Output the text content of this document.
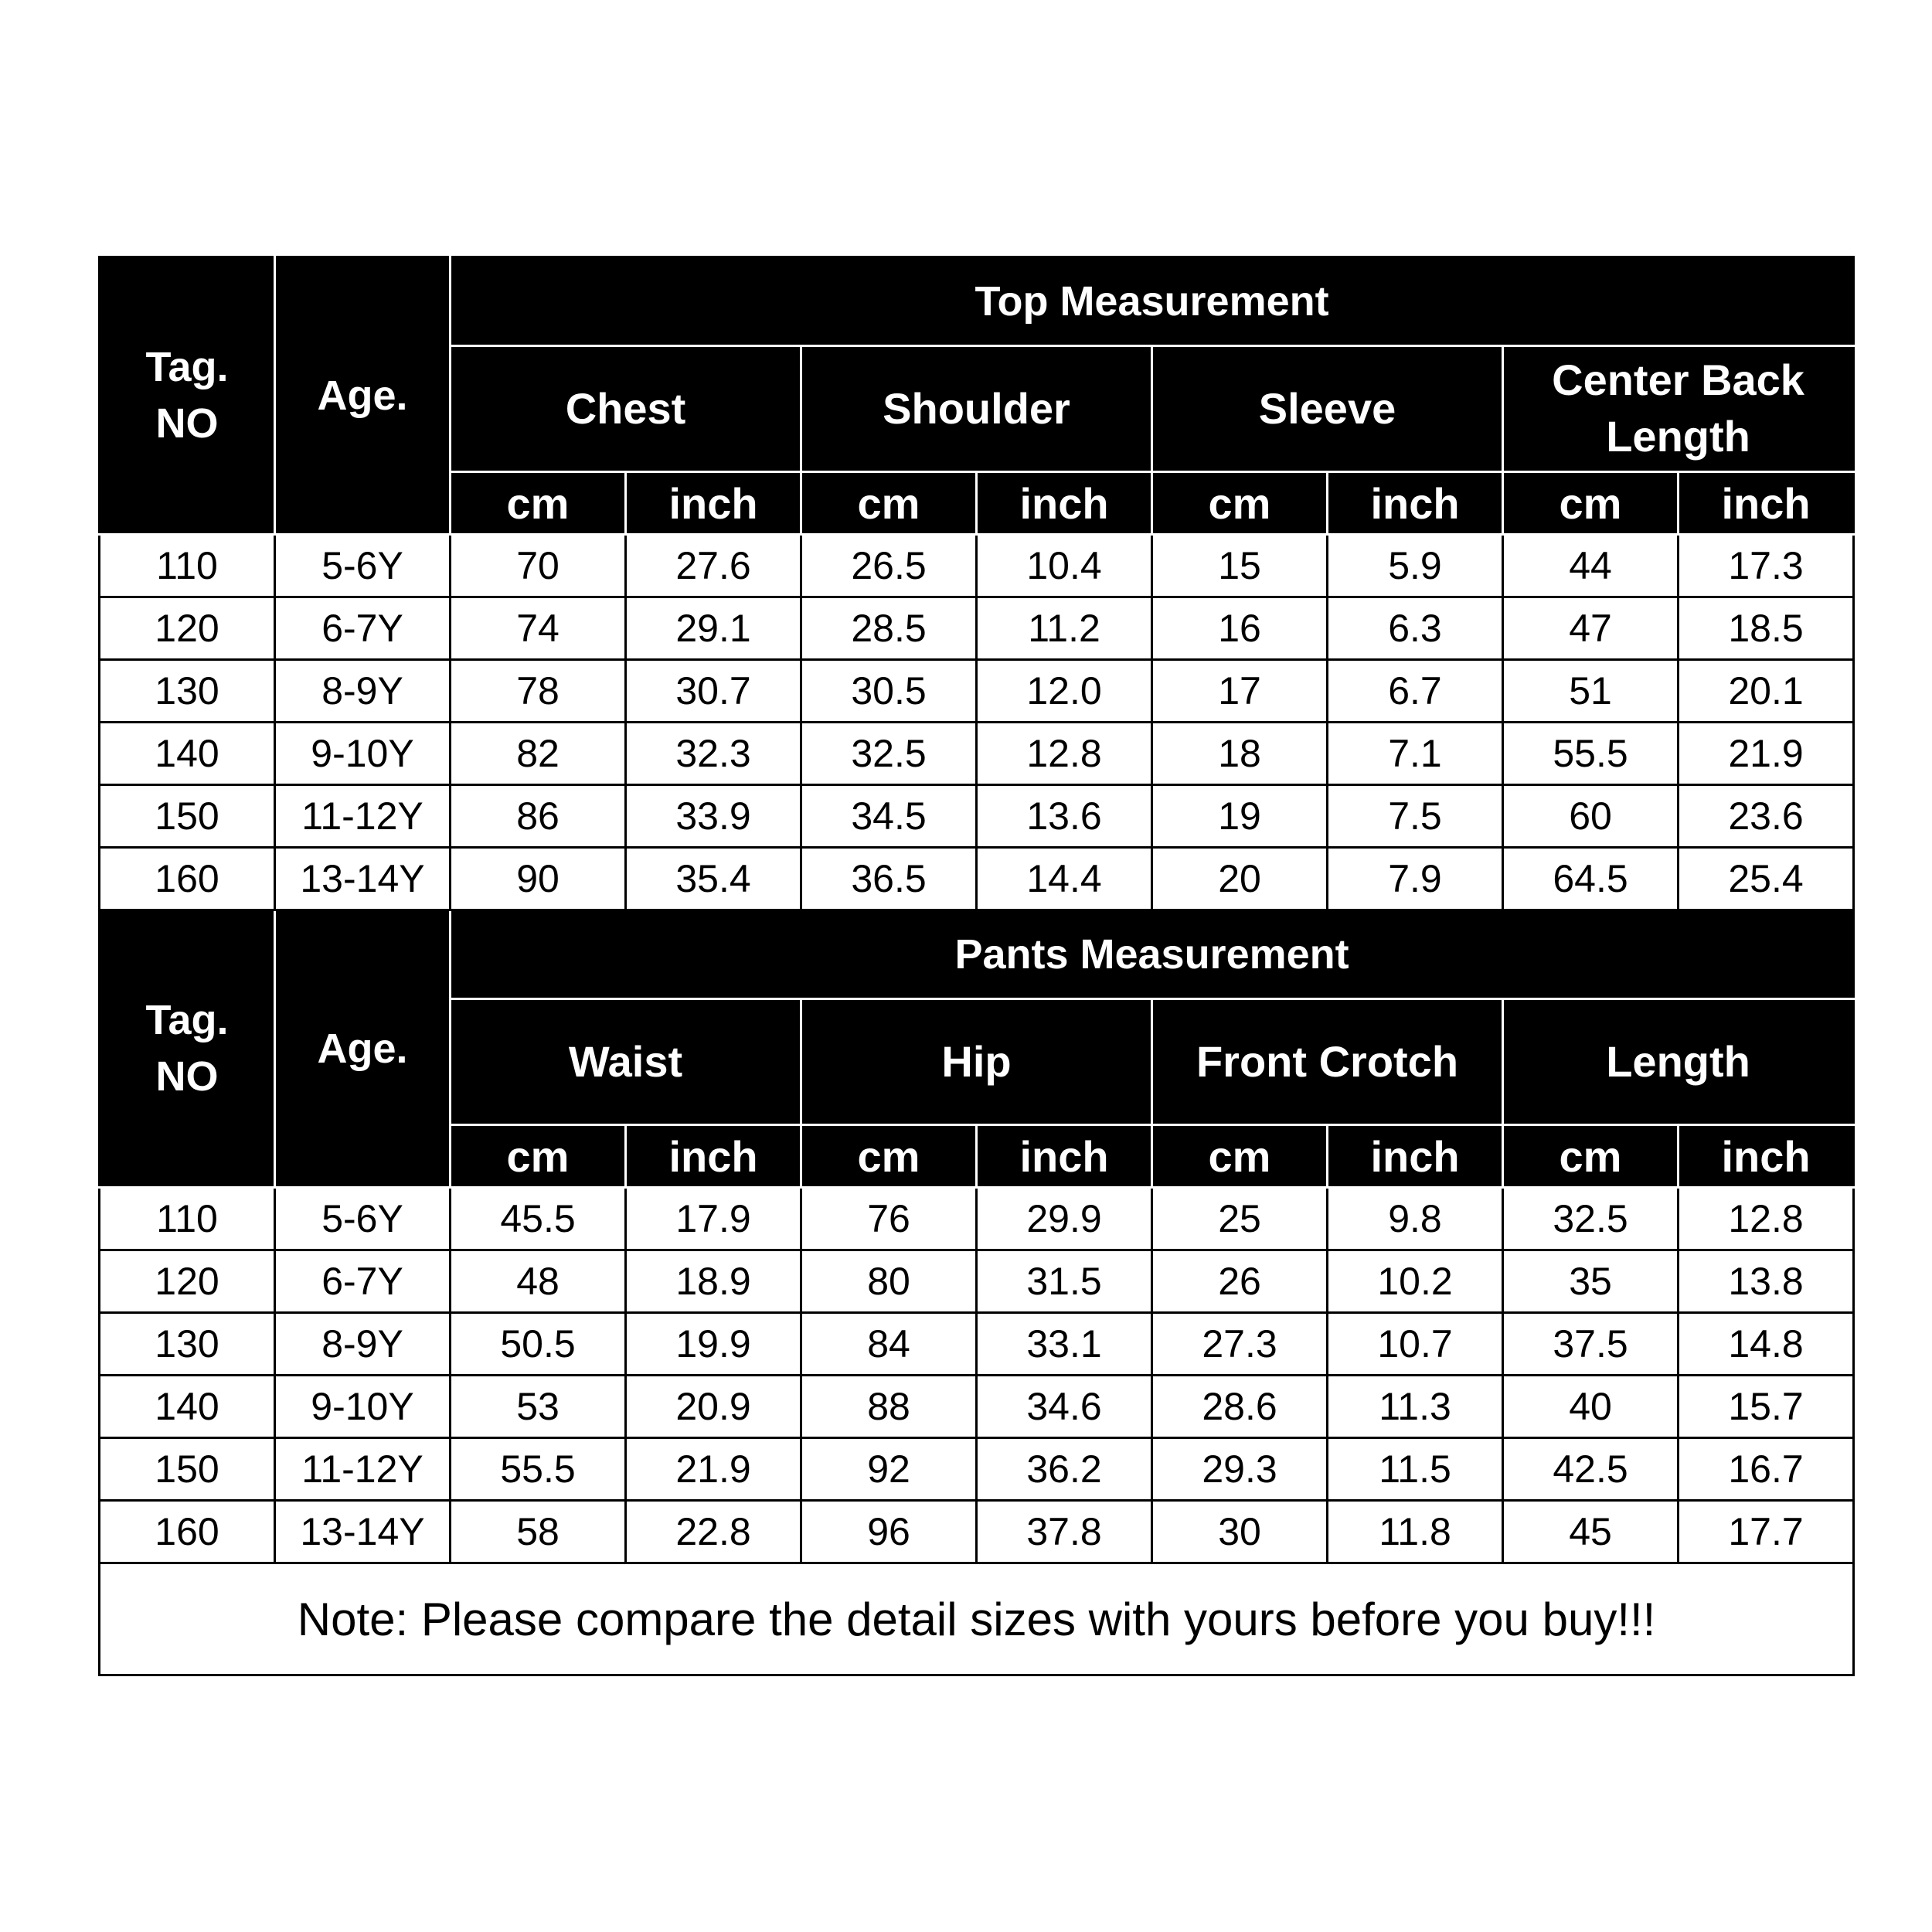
Tag.
NO	Age.	Top Measurement							
		Chest		Shoulder		Sleeve		Center Back
Length	
		cm	inch	cm	inch	cm	inch	cm	inch
110	5-6Y	70	27.6	26.5	10.4	15	5.9	44	17.3
120	6-7Y	74	29.1	28.5	11.2	16	6.3	47	18.5
130	8-9Y	78	30.7	30.5	12.0	17	6.7	51	20.1
140	9-10Y	82	32.3	32.5	12.8	18	7.1	55.5	21.9
150	11-12Y	86	33.9	34.5	13.6	19	7.5	60	23.6
160	13-14Y	90	35.4	36.5	14.4	20	7.9	64.5	25.4
Tag.
NO	Age.	Pants Measurement							
		Waist		Hip		Front Crotch		Length	
		cm	inch	cm	inch	cm	inch	cm	inch
110	5-6Y	45.5	17.9	76	29.9	25	9.8	32.5	12.8
120	6-7Y	48	18.9	80	31.5	26	10.2	35	13.8
130	8-9Y	50.5	19.9	84	33.1	27.3	10.7	37.5	14.8
140	9-10Y	53	20.9	88	34.6	28.6	11.3	40	15.7
150	11-12Y	55.5	21.9	92	36.2	29.3	11.5	42.5	16.7
160	13-14Y	58	22.8	96	37.8	30	11.8	45	17.7
Note: Please compare the detail sizes with yours before you buy!!!									
